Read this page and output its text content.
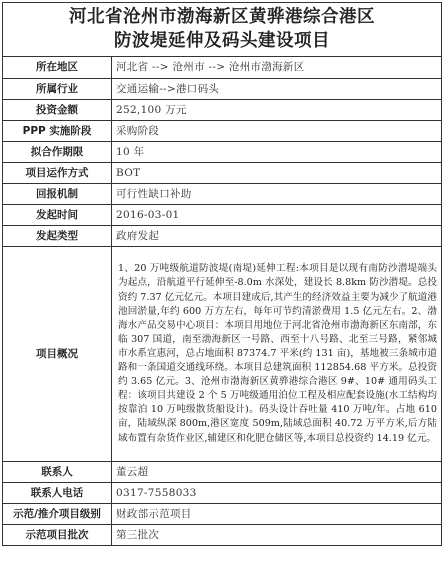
河北省沧州市渤海新区黄骅港综合港区
防波堤延伸及码头建设项目
所在地区	河北省 --> 沧州市 --> 沧州市渤海新区
所属行业	交通运输-->港口码头
投资金额	252,100 万元
PPP 实施阶段	采购阶段
拟合作期限	10 年
项目运作方式	BOT
回报机制	可行性缺口补助
发起时间	2016-03-01
发起类型	政府发起
项目概况	1、20 万吨级航道防波堤(南堤)延伸工程:本项目是以现有南防沙潜堤端头为起点，沿航道平行延伸至-8.0m 水深处，建设长 8.8km 防沙潜堤。总投资约 7.37 亿元亿元。本项目建成后,其产生的经济效益主要为减少了航道港池回淤量,年约 600 万方左右，每年可节约清淤费用 1.5 亿元左右。2、渤海水产品交易中心项目：本项目用地位于河北省沧州市渤海新区东南部，东临 307 国道，南至渤海新区一号路、西至十八号路、北至三号路，紧邻城市水系宣惠河，总占地面积 87374.7 平米(约 131 亩)，基地被三条城市道路和一条国道交通线环绕。本项目总建筑面积 112854.68 平方米。总投资约 3.65 亿元。3、沧州市渤海新区黄骅港综合港区 9#、10# 通用码头工程：该项目共建设 2 个 5 万吨级通用泊位工程及相应配套设施(水工结构均按靠泊 10 万吨级散货船设计)。码头设计吞吐量 410 万吨/年。占地 610 亩，陆域纵深 800m,港区宽度 509m,陆域总面积 40.72 万平方米,后方陆域布置有杂货作业区,辅建区和化肥仓储区等,本项目总投资约 14.19 亿元。
联系人	董云超
联系人电话	0317-7558033
示范/推介项目级别	财政部示范项目
示范项目批次	第三批次
